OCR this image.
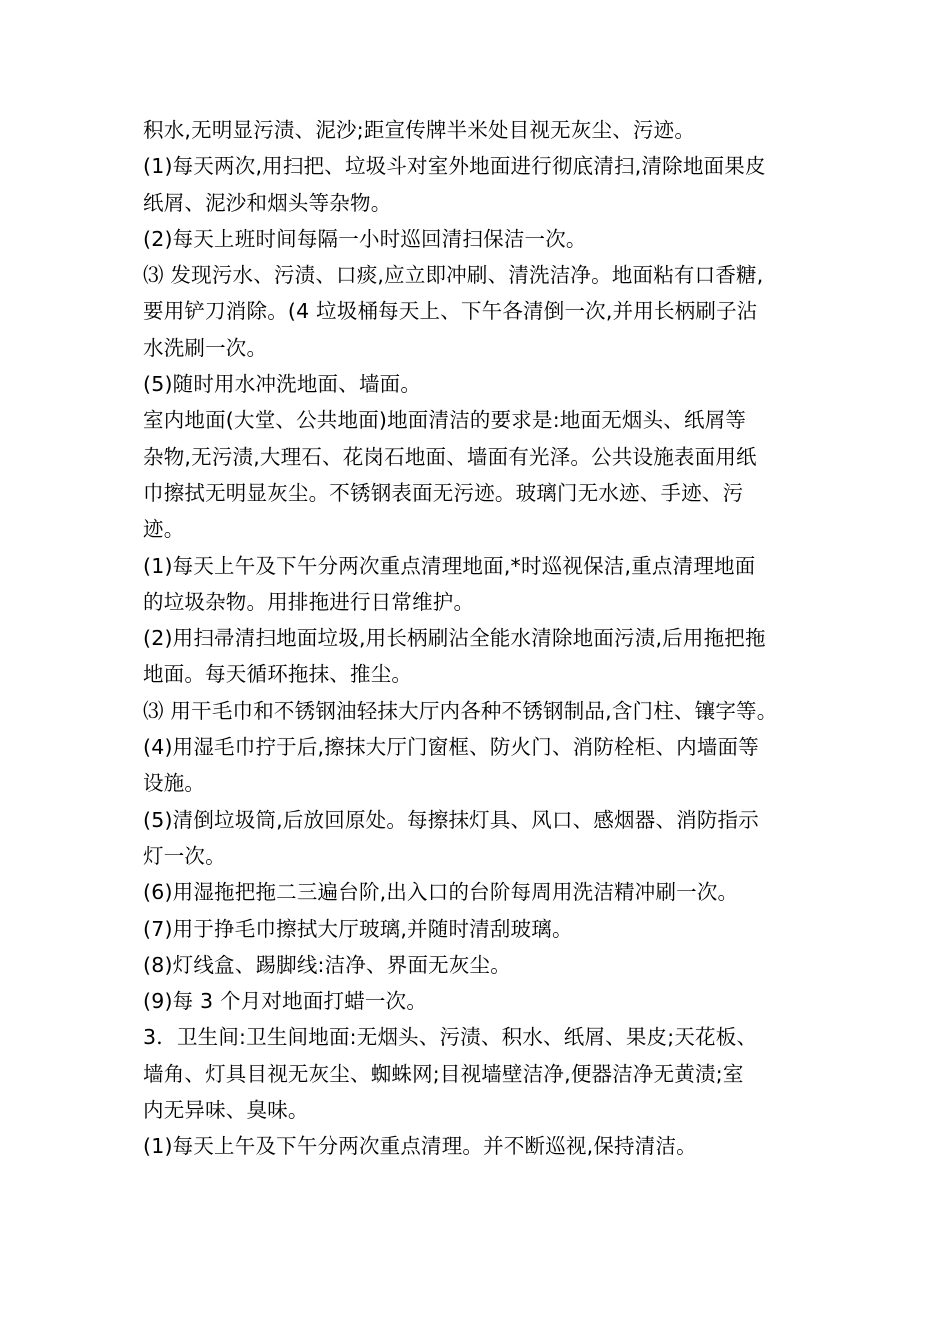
积水,无明显污渍、泥沙;距宣传牌半米处目视无灰尘、污迹。
(1)每天两次,用扫把、垃圾斗对室外地面进行彻底清扫,清除地面果皮
纸屑、泥沙和烟头等杂物。
(2)每天上班时间每隔一小时巡回清扫保洁一次。
⑶ 发现污水、污渍、口痰,应立即冲刷、清洗洁净。地面粘有口香糖,
要用铲刀消除。(4 垃圾桶每天上、下午各清倒一次,并用长柄刷子沾
水洗刷一次。
(5)随时用水冲洗地面、墙面。
室内地面(大堂、公共地面)地面清洁的要求是:地面无烟头、纸屑等
杂物,无污渍,大理石、花岗石地面、墙面有光泽。公共设施表面用纸
巾擦拭无明显灰尘。不锈钢表面无污迹。玻璃门无水迹、手迹、污
迹。
(1)每天上午及下午分两次重点清理地面,*时巡视保洁,重点清理地面
的垃圾杂物。用排拖进行日常维护。
(2)用扫帚清扫地面垃圾,用长柄刷沾全能水清除地面污渍,后用拖把拖
地面。每天循环拖抹、推尘。
⑶ 用干毛巾和不锈钢油轻抹大厅内各种不锈钢制品,含门柱、镶字等。
(4)用湿毛巾拧于后,擦抹大厅门窗框、防火门、消防栓柜、内墙面等
设施。
(5)清倒垃圾筒,后放回原处。每擦抹灯具、风口、感烟器、消防指示
灯一次。
(6)用湿拖把拖二三遍台阶,出入口的台阶每周用洗洁精冲刷一次。
(7)用于挣毛巾擦拭大厅玻璃,并随时清刮玻璃。
(8)灯线盒、踢脚线:洁净、界面无灰尘。
(9)每 3 个月对地面打蜡一次。
3．卫生间:卫生间地面:无烟头、污渍、积水、纸屑、果皮;天花板、
墙角、灯具目视无灰尘、蜘蛛网;目视墙壁洁净,便器洁净无黄渍;室
内无异味、臭味。
(1)每天上午及下午分两次重点清理。并不断巡视,保持清洁。
